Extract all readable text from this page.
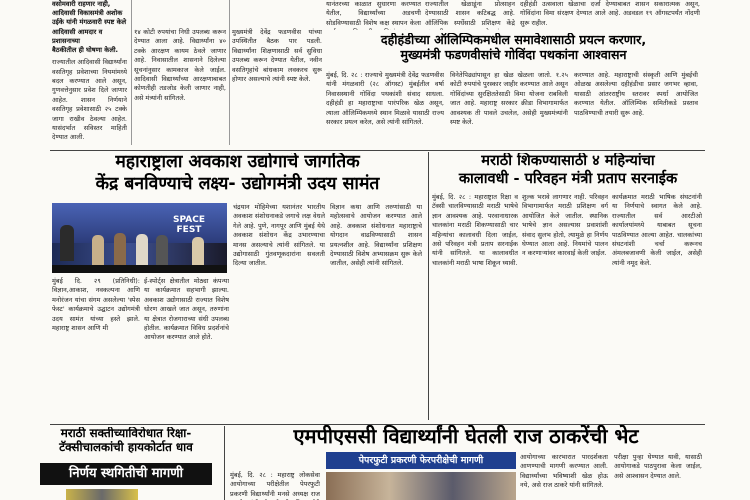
वसोमवारी राहणार नाही,
आदिवासी विकासमंत्री अशोक
उईके यांनी मंगळवारी स्पष्ट केले
आदिवासी आमदार व प्रशासनाच्या
बैठकीतील ही घोषणा केली.
राज्यातील आदिवासी विद्यार्थ्यांना वसतिगृह प्रवेशाच्या नियमांमध्ये बदल करण्यात आले असून, गुणवत्तेनुसार प्रवेश दिले जाणार आहेत. शासन निर्णयाने वसतिगृह प्रवेशासाठी २५ टक्के जागा राखीव ठेवल्या आहेत. यासंदर्भात सविस्तर माहिती देण्यात आली.
१४ कोटी रुपयांचा निधी उपलब्ध करून देण्यात आला आहे. विद्यार्थ्यांना ४० टक्के आरक्षण कायम ठेवले जाणार आहे. निवासातील शासनाने दिलेल्या सूचनांनुसार कामकाज केले जाईल. आदिवासी विद्यार्थ्यांच्या आरक्षणाबाबत कोणतीही तडजोड केली जाणार नाही, असे मंत्र्यांनी सांगितले.
मुख्यमंत्री देवेंद्र फडणवीस यांच्या उपस्थितीत बैठक पार पडली. विद्यार्थ्यांना शिक्षणासाठी सर्व सुविधा उपलब्ध करून देण्यात येतील, नवीन वसतिगृहांचे बांधकाम लवकरच सुरू होणार असल्याचे त्यांनी स्पष्ट केले.
यानंतरच्या काळात सुधारणा करण्यात येतील, विद्यार्थ्यांच्या अडचणी सोडविण्यासाठी विशेष कक्ष स्थापन केला
राज्यातील खेळाडूंना प्रोत्साहन देण्यासाठी शासन कटिबद्ध आहे. ऑलिंपिक स्पर्धेसाठी प्रशिक्षण केंद्रे
दहीहंडी उत्सवाला खेळाचा दर्जा देण्याबाबत शासन सकारात्मक असून, गोविंदांना विमा संरक्षण देण्यात आले आहे. अडवडल १९ ऑगस्टपर्यंत नोंदणी सुरू राहील.
दहीहंडीच्या ऑलिम्पिकमधील समावेशासाठी प्रयत्न करणार,
मुख्यमंत्री फडणवीसांचे गोविंदा पथकांना आश्वासन
मुंबई, दि. २८ : राज्याचे मुख्यमंत्री देवेंद्र फडणवीस यांनी मंगळवारी (२८ ऑगस्ट) मुंबईतील वर्षा निवासस्थानी गोविंदा पथकांशी संवाद साधला. दहीहंडी हा महाराष्ट्राचा पारंपरिक खेळ असून, त्याला ऑलिम्पिकमध्ये स्थान मिळावे यासाठी राज्य सरकार प्रयत्न करेल, असे त्यांनी सांगितले.
विनेतेपिढ्यांपासून हा खेळ खेळला जातो. १.२५ कोटी रुपयांचे पुरस्कार जाहीर करण्यात आले असून गोविंदांच्या सुरक्षिततेसाठी विमा योजना राबविली जात आहे. महाराष्ट्र सरकार क्रीडा विभागामार्फत आवश्यक ती पावले उचलेल, असेही मुख्यमंत्र्यांनी स्पष्ट केले.
करण्यात आहे. महाराष्ट्राची संस्कृती आणि मुंबईची ओळख असलेल्या दहीहंडीचा प्रसार जगभर व्हावा, यासाठी आंतरराष्ट्रीय स्तरावर स्पर्धा आयोजित करण्यात येतील. ऑलिम्पिक समितीकडे प्रस्ताव पाठविण्याची तयारी सुरू आहे.
महाराष्ट्राला अवकाश उद्योगाचे जागतिक
केंद्र बनविण्याचे लक्ष्य- उद्योगमंत्री उदय सामंत
SPACE
FEST
मुंबई दि. २९ (प्रतिनिधी): विज्ञान,आकाश, नवकल्पना आणि मनोरंजन यांचा संगम असलेल्या 'स्पेस फेस्ट' कार्यक्रमाचे उद्घाटन उद्योगमंत्री उदय सामंत यांच्या हस्ते झाले. महाराष्ट्र शासन आणि मी
ई-स्पोर्ट्स क्षेत्रातील मोठ्या कंपन्या या कार्यक्रमात सहभागी झाल्या. अवकाश उद्योगासाठी राज्यात विशेष धोरण आखले जात असून, तरुणांना या क्षेत्रात रोजगाराच्या संधी उपलब्ध होतील. कार्यक्रमात विविध प्रदर्शनांचे आयोजन करण्यात आले होते.
चंद्रयान मोहिमेच्या यशानंतर भारतीय अवकाश संशोधनाकडे जगाचे लक्ष वेधले गेले आहे. पुणे, नागपूर आणि मुंबई येथे अवकाश संशोधन केंद्र उभारण्याचा मानस असल्याचे त्यांनी सांगितले. या उद्योगासाठी गुंतवणूकदारांना सवलती दिल्या जातील.
विज्ञान कथा आणि तरुणांसाठी या महोत्सवाचे आयोजन करण्यात आले आहे. अवकाश संशोधनात महाराष्ट्राचे योगदान वाढविण्यासाठी शासन प्रयत्नशील आहे. विद्यार्थ्यांना प्रशिक्षण देण्यासाठी विशेष अभ्यासक्रम सुरू केले जातील, असेही त्यांनी सांगितले.
मराठी शिकण्यासाठी ४ महिन्यांचा
कालावधी - परिवहन मंत्री प्रताप सरनाईक
मुंबई, दि. २८ : महाराष्ट्रात रिक्षा व टॅक्सी चालविण्यासाठी मराठी भाषेचे ज्ञान आवश्यक आहे. परवानाधारक चालकांना मराठी शिकण्यासाठी चार महिन्यांचा कालावधी दिला जाईल, असे परिवहन मंत्री प्रताप सरनाईक यांनी सांगितले. या कालावधीत चालकांनी मराठी भाषा शिकून घ्यावी.
शुल्क भरावे लागणार नाही. परिवहन विभागामार्फत मराठी प्रशिक्षण वर्ग आयोजित केले जातील. स्थानिक भाषेचे ज्ञान असल्यास प्रवाशांशी संवाद सुलभ होतो, त्यामुळे हा निर्णय घेण्यात आला आहे. नियमांचे पालन न करणाऱ्यांवर कारवाई केली जाईल.
कार्यक्रमात मराठी भाषिक संघटनांनी या निर्णयाचे स्वागत केले आहे. राज्यातील सर्व आरटीओ कार्यालयांमध्ये याबाबत सूचना पाठविण्यात आल्या आहेत. चालकांच्या संघटनांशी चर्चा करूनच अंमलबजावणी केली जाईल, असेही त्यांनी नमूद केले.
मराठी सक्तीच्याविरोधात रिक्षा-
टॅक्सीचालकांची हायकोर्टात धाव
निर्णय स्थगितीची मागणी
एमपीएससी विद्यार्थ्यांनी घेतली राज ठाकरेंची भेट
पेपरफुटी प्रकरणी फेरपरीक्षेची मागणी
मुंबई, दि. २८ : महाराष्ट्र लोकसेवा आयोगाच्या परीक्षेतील पेपरफुटी प्रकरणी विद्यार्थ्यांनी मनसे अध्यक्ष राज
आयोगाच्या कारभारात पारदर्शकता आणण्याची मागणी करण्यात आली. विद्यार्थ्यांच्या भविष्याशी खेळ होऊ नये, असे राज ठाकरे यांनी सांगितले.
परीक्षा पुन्हा घेण्यात यावी, यासाठी आयोगाकडे पाठपुरावा केला जाईल, असे आश्वासन देण्यात आले.
